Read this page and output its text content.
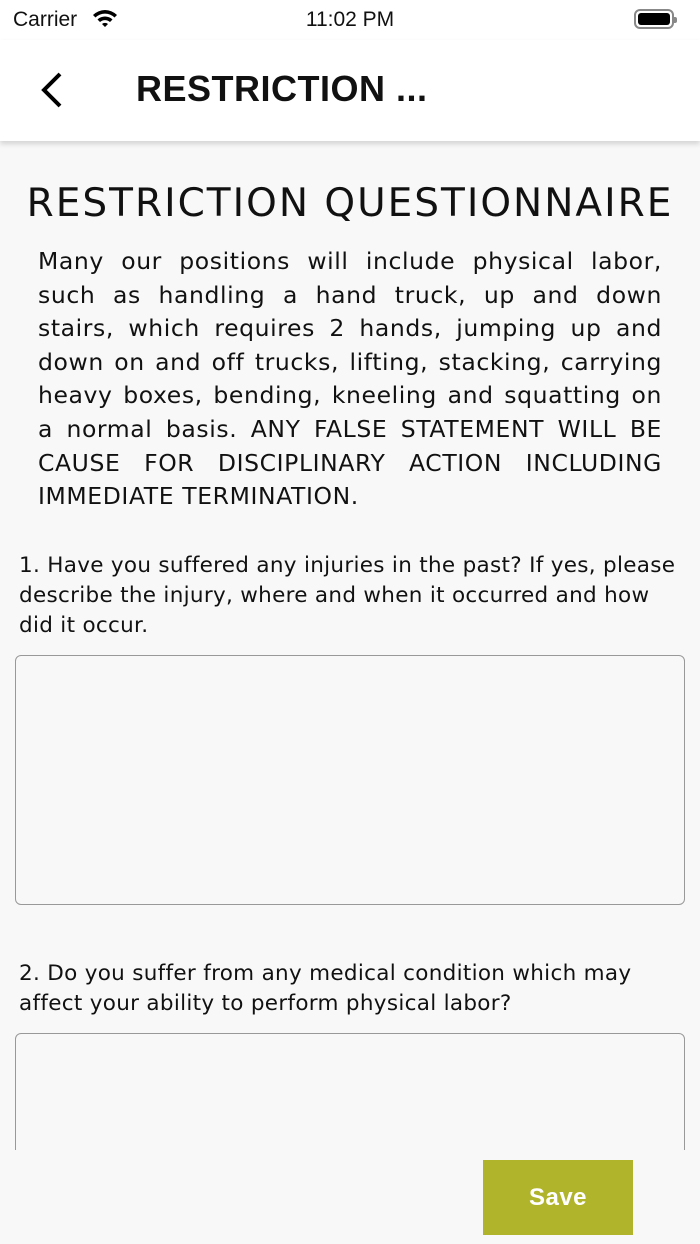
Carrier	11:02 PM
RESTRICTION ...
RESTRICTION QUESTIONNAIRE

Many our positions will include physical labor, such as handling a hand truck, up and down stairs, which requires 2 hands, jumping up and down on and off trucks, lifting, stacking, carrying heavy boxes, bending, kneeling and squatting on a normal basis. ANY FALSE STATEMENT WILL BE CAUSE FOR DISCIPLINARY ACTION INCLUDING IMMEDIATE TERMINATION.

1. Have you suffered any injuries in the past? If yes, please describe the injury, where and when it occurred and how did it occur.

2. Do you suffer from any medical condition which may affect your ability to perform physical labor?

Save
